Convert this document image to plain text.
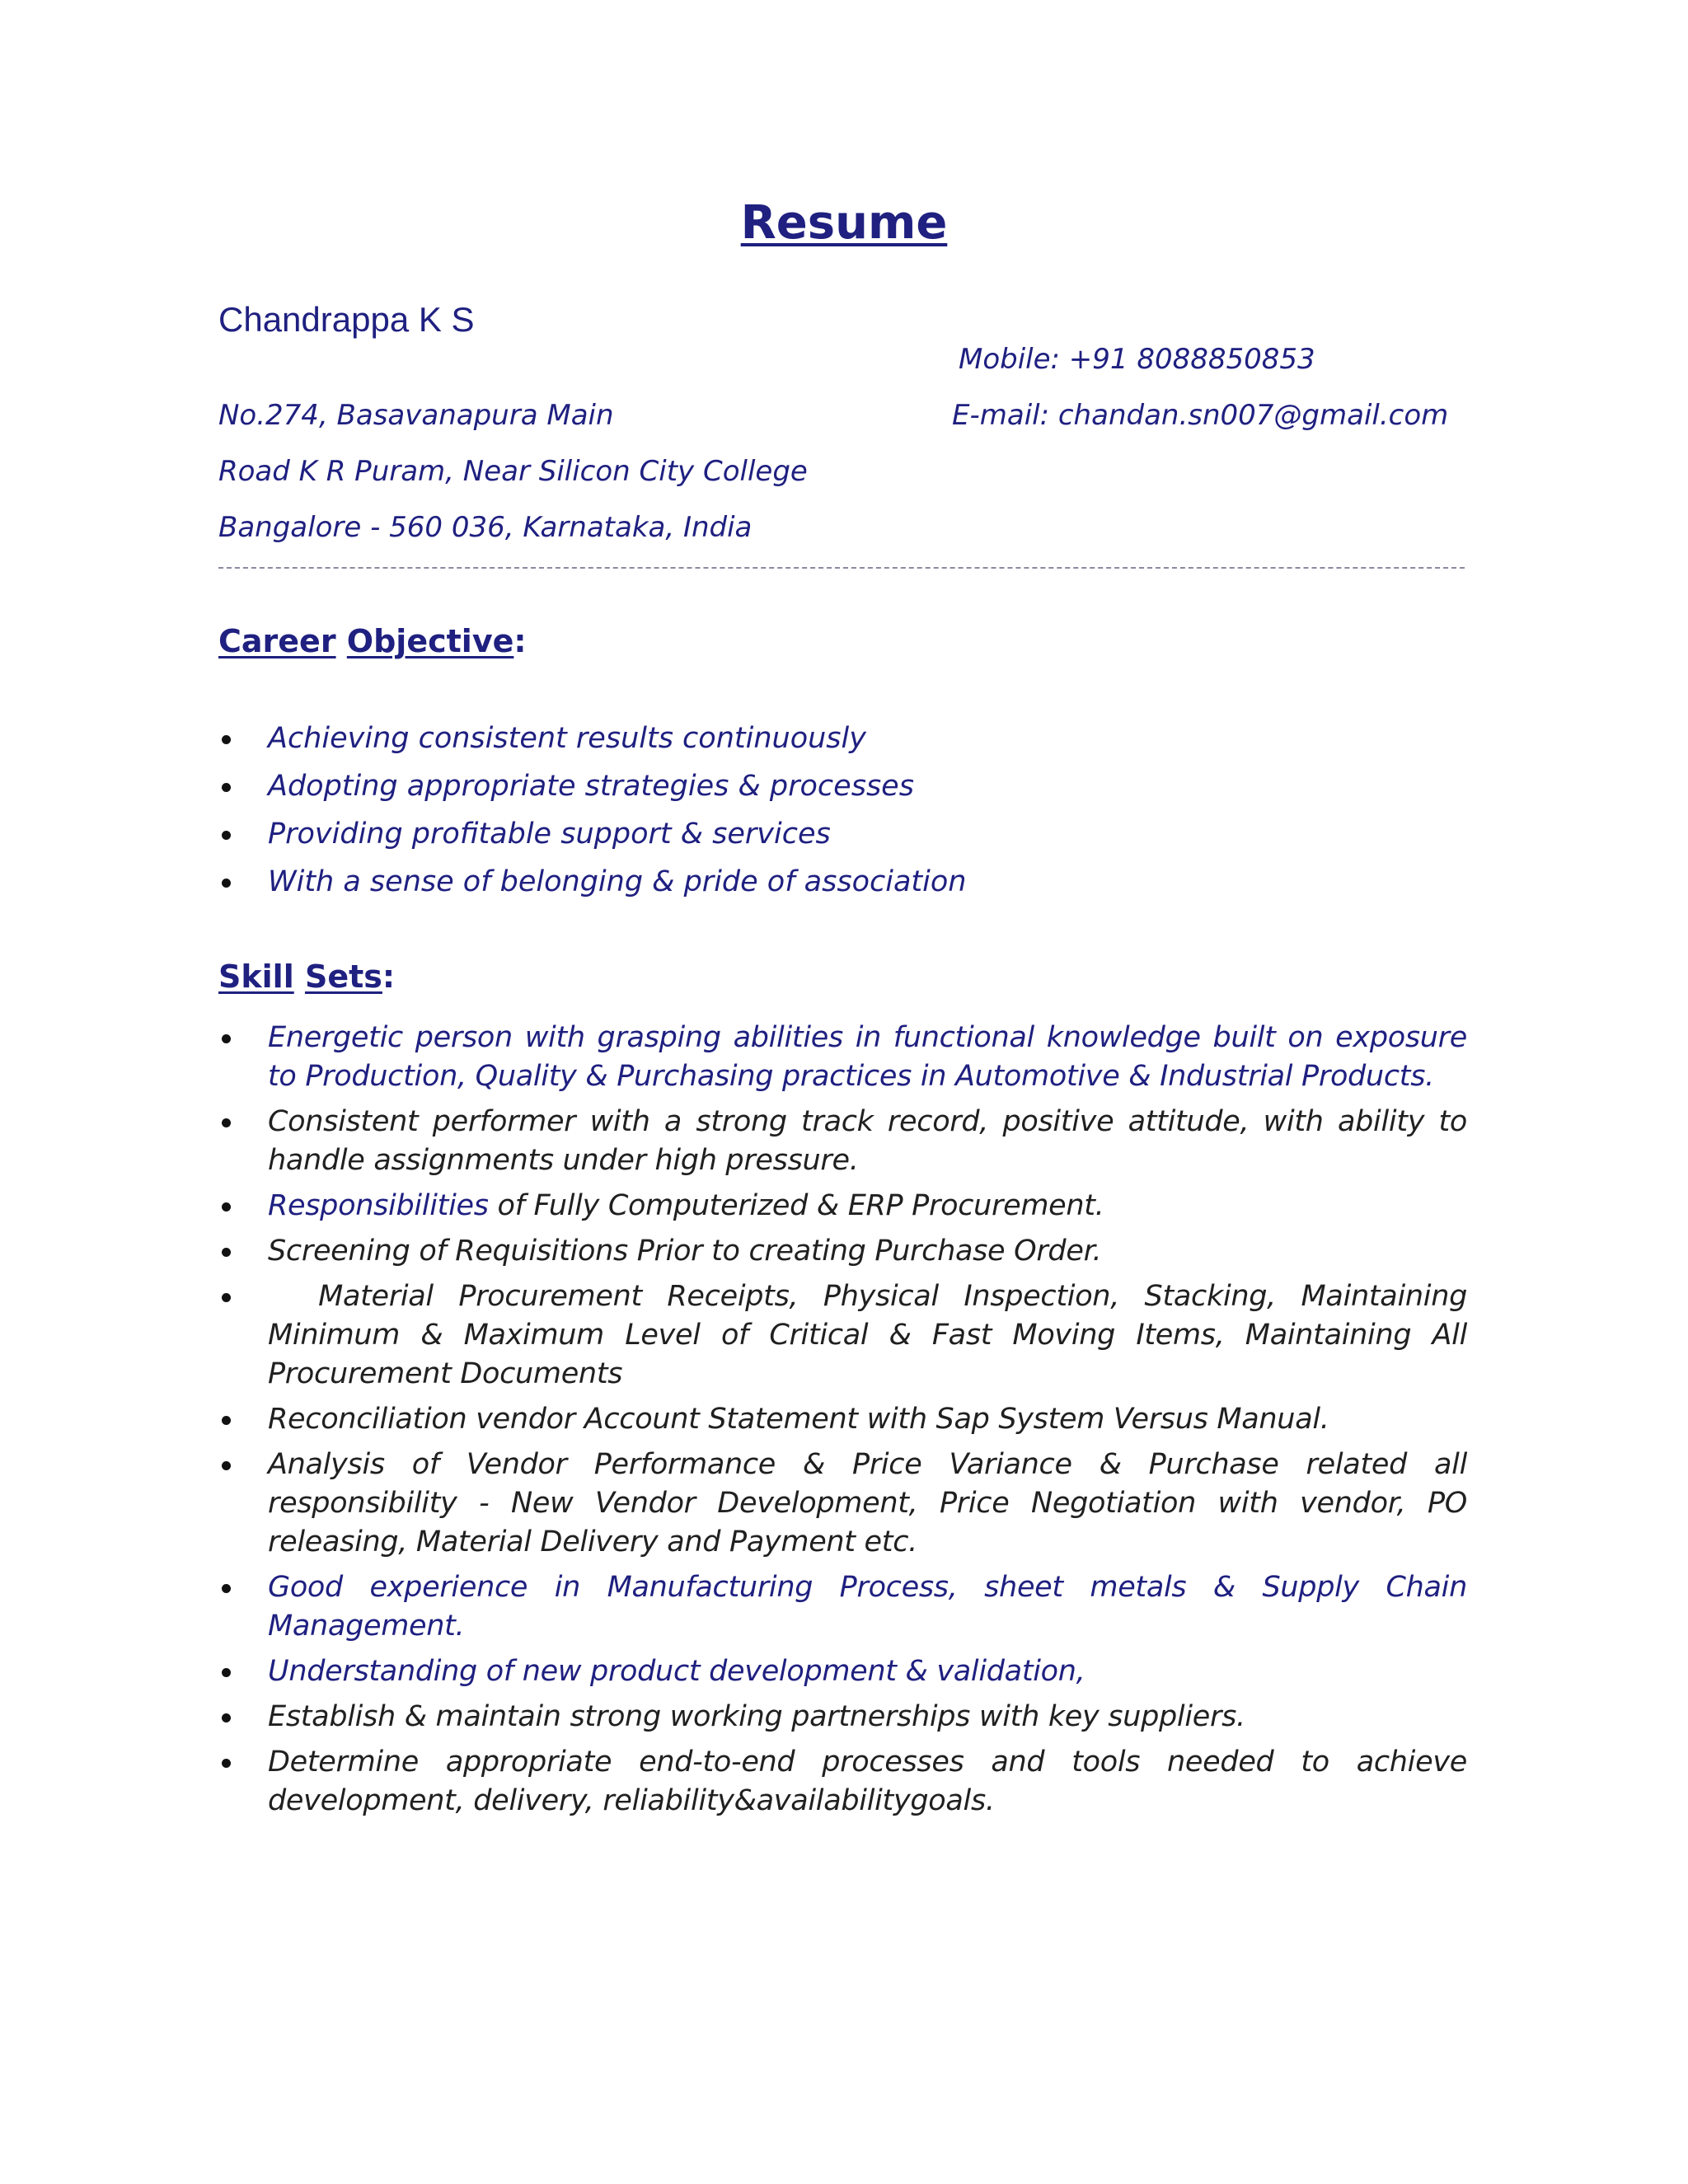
Resume
Chandrappa K S
Mobile: +91 8088850853
E-mail: chandan.sn007@gmail.com
No.274, Basavanapura Main
Road K R Puram, Near Silicon City College
Bangalore - 560 036, Karnataka, India
Career Objective:
Achieving consistent results continuously
Adopting appropriate strategies & processes
Providing profitable support & services
With a sense of belonging & pride of association
Skill Sets:
Energetic person with grasping abilities in functional knowledge built on exposure to Production, Quality & Purchasing practices in Automotive & Industrial Products.
Consistent performer with a strong track record, positive attitude, with ability to handle assignments under high pressure.
Responsibilities of Fully Computerized & ERP Procurement.
Screening of Requisitions Prior to creating Purchase Order.
Material Procurement Receipts, Physical Inspection, Stacking, Maintaining Minimum & Maximum Level of Critical & Fast Moving Items, Maintaining All Procurement Documents
Reconciliation vendor Account Statement with Sap System Versus Manual.
Analysis of Vendor Performance & Price Variance & Purchase related all responsibility - New Vendor Development, Price Negotiation with vendor, PO releasing, Material Delivery and Payment etc.
Good experience in Manufacturing Process, sheet metals & Supply Chain Management.
Understanding of new product development & validation,
Establish & maintain strong working partnerships with key suppliers.
Determine appropriate end-to-end processes and tools needed to achieve development, delivery, reliability&availabilitygoals.
